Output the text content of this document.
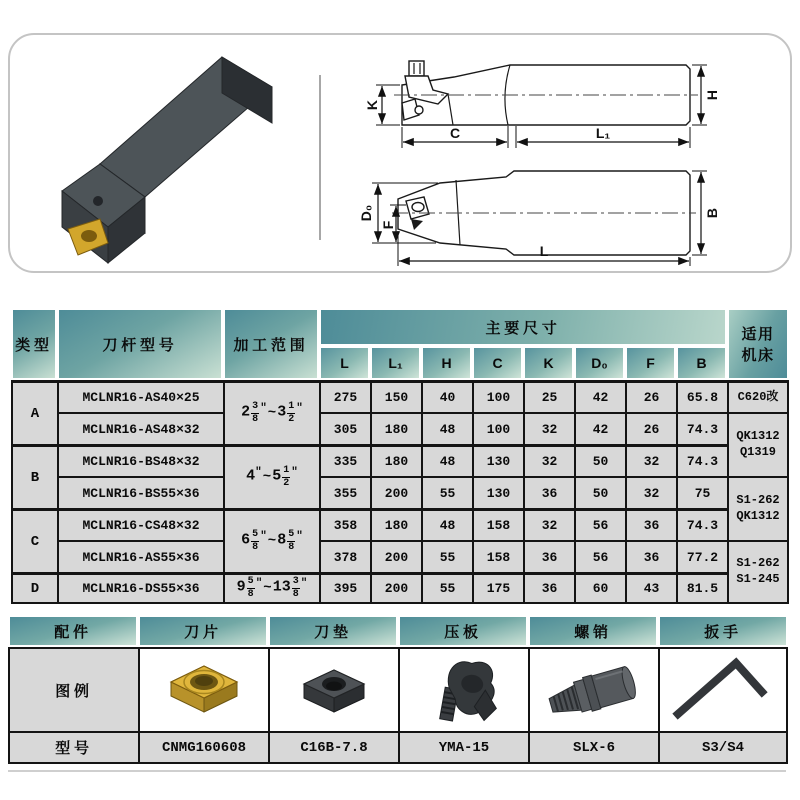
K
C	L₁
H
D₀
F
B
L
类型	刀杆型号	加工范围	主要尺寸								适用
机床

			L	L₁	H	C	K	D₀	F	B	
A	MCLNR16-AS40×25	$2 \frac{3}{8}$ "~3 $\frac{1}{2} ^"$	275	150	40	100	25	42	26	65.8	C620改

	MCLNR16-AS48×32		305	180	48	100	32	42	26	74.3	QK1312
Q1319

B	MCLNR16-BS48×32	4"~5 $\frac{1}{2} ^"$	335	180	48	130	32	50	32	74.3	
	MCLNR16-BS55×36		355	200	55	130	36	50	32	75	S1-262
QK1312

C	MCLNR16-CS48×32	$6 \frac{5}{8}$ "~8 $\frac{5}{8} ^"$	358	180	48	158	32	56	36	74.3
	MCLNR16-AS55×36		378	200	55	158	36	56	36	77.2	S1-262
S1-245

D	MCLNR16-DS55×36	$9 \frac{5}{8}$ "~13 $\frac{3}{8} ^"$	395	200	55	175	36	60	43	81.5
配件	刀片	刀垫	压板	螺销	扳手
图例	

型号	CNMG160608	C16B-7.8	YMA-15	SLX-6	S3/S4
